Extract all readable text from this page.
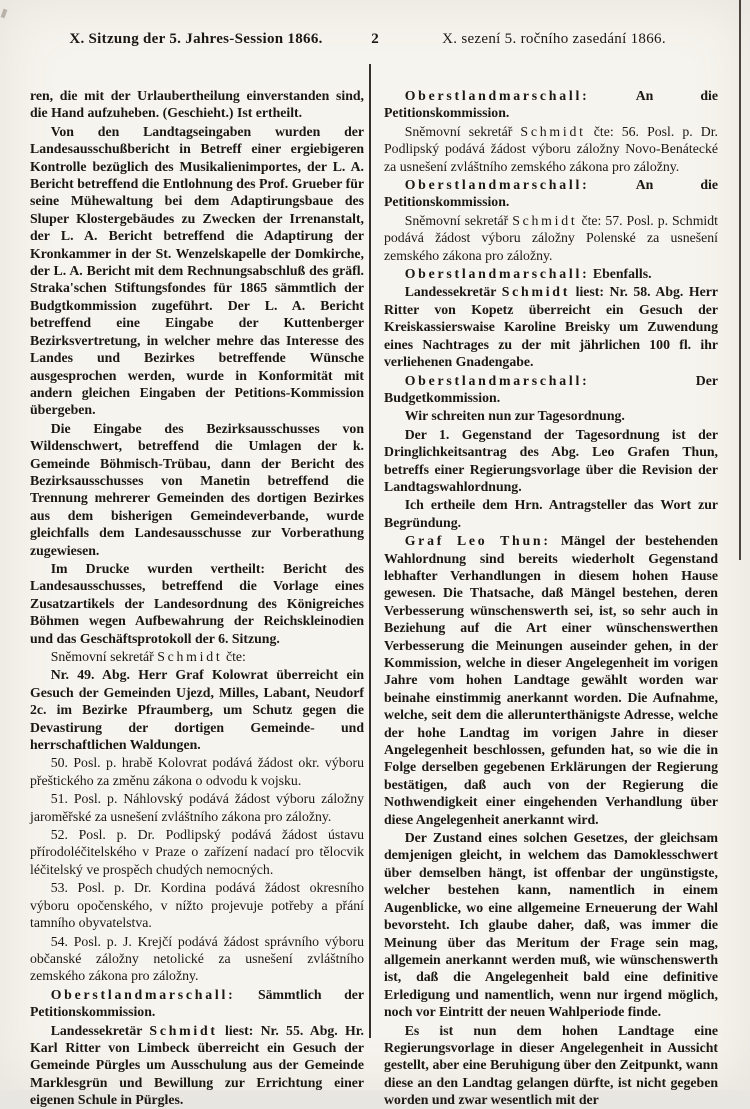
X. Sitzung der 5. Jahres-Session 1866.	2	X. sezení 5. ročního zasedání 1866.

ren, die mit der Urlaubertheilung einverstanden sind, die Hand aufzuheben. (Geschieht.) Ist ertheilt.

Von den Landtagseingaben wurden der Landesausschußbericht in Betreff einer ergiebigeren Kontrolle bezüglich des Musikalienimportes, der L. A. Bericht betreffend die Entlohnung des Prof. Grueber für seine Mühewaltung bei dem Adaptirungsbaue des Sluper Klostergebäudes zu Zwecken der Irrenanstalt, der L. A. Bericht betreffend die Adaptirung der Kronkammer in der St. Wenzelskapelle der Domkirche, der L. A. Bericht mit dem Rechnungsabschluß des gräfl. Straka'schen Stiftungsfondes für 1865 sämmtlich der Budgtkommission zugeführt. Der L. A. Bericht betreffend eine Eingabe der Kuttenberger Bezirksvertretung, in welcher mehre das Interesse des Landes und Bezirkes betreffende Wünsche ausgesprochen werden, wurde in Konformität mit andern gleichen Eingaben der Petitions-Kommission übergeben.

Die Eingabe des Bezirksausschusses von Wildenschwert, betreffend die Umlagen der k. Gemeinde Böhmisch-Trübau, dann der Bericht des Bezirksausschusses von Manetin betreffend die Trennung mehrerer Gemeinden des dortigen Bezirkes aus dem bisherigen Gemeindeverbande, wurde gleichfalls dem Landesausschusse zur Vorberathung zugewiesen.

Im Drucke wurden vertheilt: Bericht des Landesausschusses, betreffend die Vorlage eines Zusatzartikels der Landesordnung des Königreiches Böhmen wegen Aufbewahrung der Reichskleinodien und das Geschäftsprotokoll der 6. Sitzung.

Sněmovní sekretář Schmidt čte:

Nr. 49. Abg. Herr Graf Kolowrat überreicht ein Gesuch der Gemeinden Ujezd, Milles, Labant, Neudorf 2c. im Bezirke Pfraumberg, um Schutz gegen die Devastirung der dortigen Gemeinde- und herrschaftlichen Waldungen.

50. Posl. p. hrabě Kolovrat podává žádost okr. výboru přeštického za změnu zákona o odvodu k vojsku.

51. Posl. p. Náhlovský podává žádost výboru záložny jaroměřské za usnešení zvláštního zákona pro záložny.

52. Posl. p. Dr. Podlipský podává žádost ústavu přírodoléčitelského v Praze o zařízení nadací pro tělocvik léčitelský ve prospěch chudých nemocných.

53. Posl. p. Dr. Kordina podává žádost okresního výboru opočenského, v nížto projevuje potřeby a přání tamního obyvatelstva.

54. Posl. p. J. Krejčí podává žádost správního výboru občanské záložny netolické za usnešení zvláštního zemského zákona pro záložny.

Oberstlandmarschall: Sämmtlich der Petitionskommission.

Landessekretär Schmidt liest: Nr. 55. Abg. Hr. Karl Ritter von Limbeck überreicht ein Gesuch der Gemeinde Pürgles um Ausschulung aus der Gemeinde Marklesgrün und Bewillung zur Errichtung einer eigenen Schule in Pürgles.

Oberstlandmarschall: An die Petitionskommission.

Sněmovní sekretář Schmidt čte: 56. Posl. p. Dr. Podlipský podává žádost výboru záložny Novo-Benátecké za usnešení zvláštního zemského zákona pro záložny.

Oberstlandmarschall: An die Petitionskommission.

Sněmovní sekretář Schmidt čte: 57. Posl. p. Schmidt podává žádost výboru záložny Polenské za usnešení zemského zákona pro záložny.

Oberstlandmarschall: Ebenfalls.

Landessekretär Schmidt liest: Nr. 58. Abg. Herr Ritter von Kopetz überreicht ein Gesuch der Kreiskassierswaise Karoline Breisky um Zuwendung eines Nachtrages zu der mit jährlichen 100 fl. ihr verliehenen Gnadengabe.

Oberstlandmarschall: Der Budgetkommission.

Wir schreiten nun zur Tagesordnung.

Der 1. Gegenstand der Tagesordnung ist der Dringlichkeitsantrag des Abg. Leo Grafen Thun, betreffs einer Regierungsvorlage über die Revision der Landtagswahlordnung.

Ich ertheile dem Hrn. Antragsteller das Wort zur Begründung.

Graf Leo Thun: Mängel der bestehenden Wahlordnung sind bereits wiederholt Gegenstand lebhafter Verhandlungen in diesem hohen Hause gewesen. Die Thatsache, daß Mängel bestehen, deren Verbesserung wünschenswerth sei, ist, so sehr auch in Beziehung auf die Art einer wünschenswerthen Verbesserung die Meinungen auseinder gehen, in der Kommission, welche in dieser Angelegenheit im vorigen Jahre vom hohen Landtage gewählt worden war beinahe einstimmig anerkannt worden. Die Aufnahme, welche, seit dem die allerunterthänigste Adresse, welche der hohe Landtag im vorigen Jahre in dieser Angelegenheit beschlossen, gefunden hat, so wie die in Folge derselben gegebenen Erklärungen der Regierung bestätigen, daß auch von der Regierung die Nothwendigkeit einer eingehenden Verhandlung über diese Angelegenheit anerkannt wird.

Der Zustand eines solchen Gesetzes, der gleichsam demjenigen gleicht, in welchem das Damoklesschwert über demselben hängt, ist offenbar der ungünstigste, welcher bestehen kann, namentlich in einem Augenblicke, wo eine allgemeine Erneuerung der Wahl bevorsteht. Ich glaube daher, daß, was immer die Meinung über das Meritum der Frage sein mag, allgemein anerkannt werden muß, wie wünschenswerth ist, daß die Angelegenheit bald eine definitive Erledigung und namentlich, wenn nur irgend möglich, noch vor Eintritt der neuen Wahlperiode finde.

Es ist nun dem hohen Landtage eine Regierungsvorlage in dieser Angelegenheit in Aussicht gestellt, aber eine Beruhigung über den Zeitpunkt, wann diese an den Landtag gelangen dürfte, ist nicht gegeben worden und zwar wesentlich mit der
